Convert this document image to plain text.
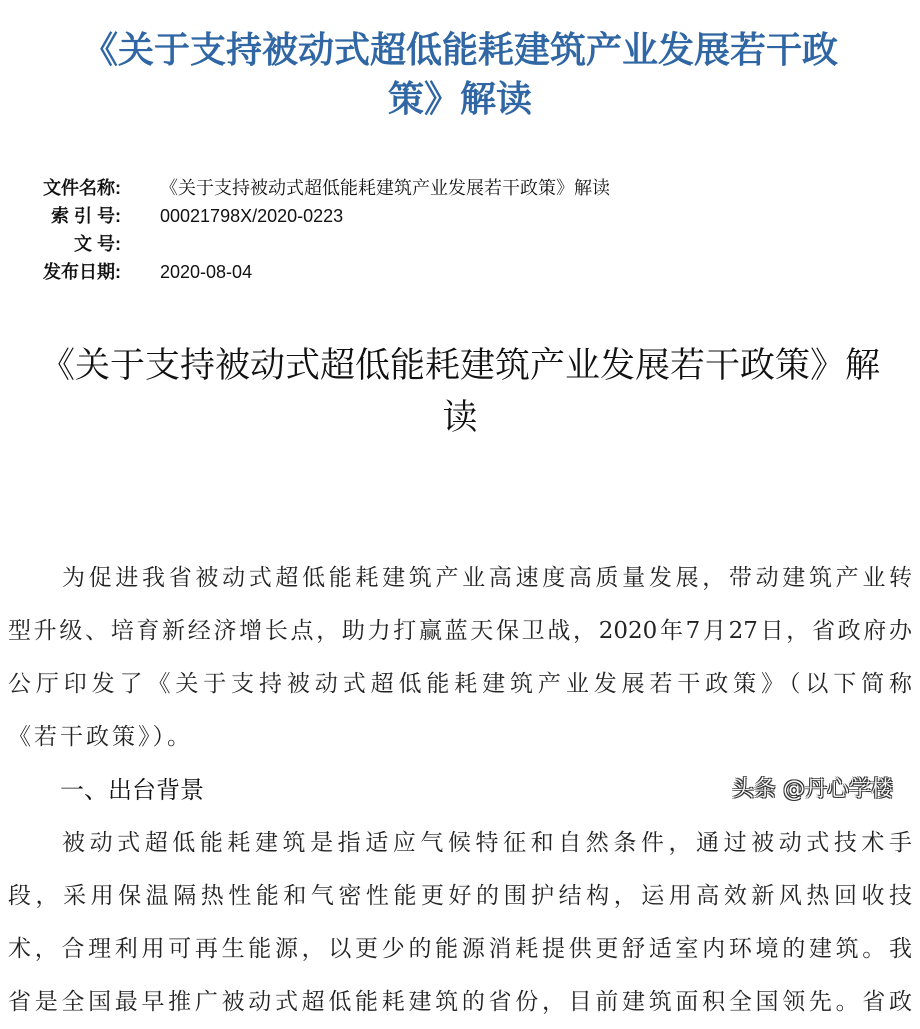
《关于支持被动式超低能耗建筑产业发展若干政
策》解读
文件名称: 《关于支持被动式超低能耗建筑产业发展若干政策》解读
索 引 号: 00021798X/2020-0223
文 号:
发布日期: 2020-08-04
《关于支持被动式超低能耗建筑产业发展若干政策》解
读
为促进我省被动式超低能耗建筑产业高速度高质量发展，带动建筑产业转
型升级、培育新经济增长点，助力打赢蓝天保卫战，2020年7月27日，省政府办
公厅印发了《关于支持被动式超低能耗建筑产业发展若干政策》（以下简称
《若干政策》）。
一、出台背景	头条 @丹心学楼
被动式超低能耗建筑是指适应气候特征和自然条件，通过被动式技术手
段，采用保温隔热性能和气密性能更好的围护结构，运用高效新风热回收技
术，合理利用可再生能源，以更少的能源消耗提供更舒适室内环境的建筑。我
省是全国最早推广被动式超低能耗建筑的省份，目前建筑面积全国领先。省政
